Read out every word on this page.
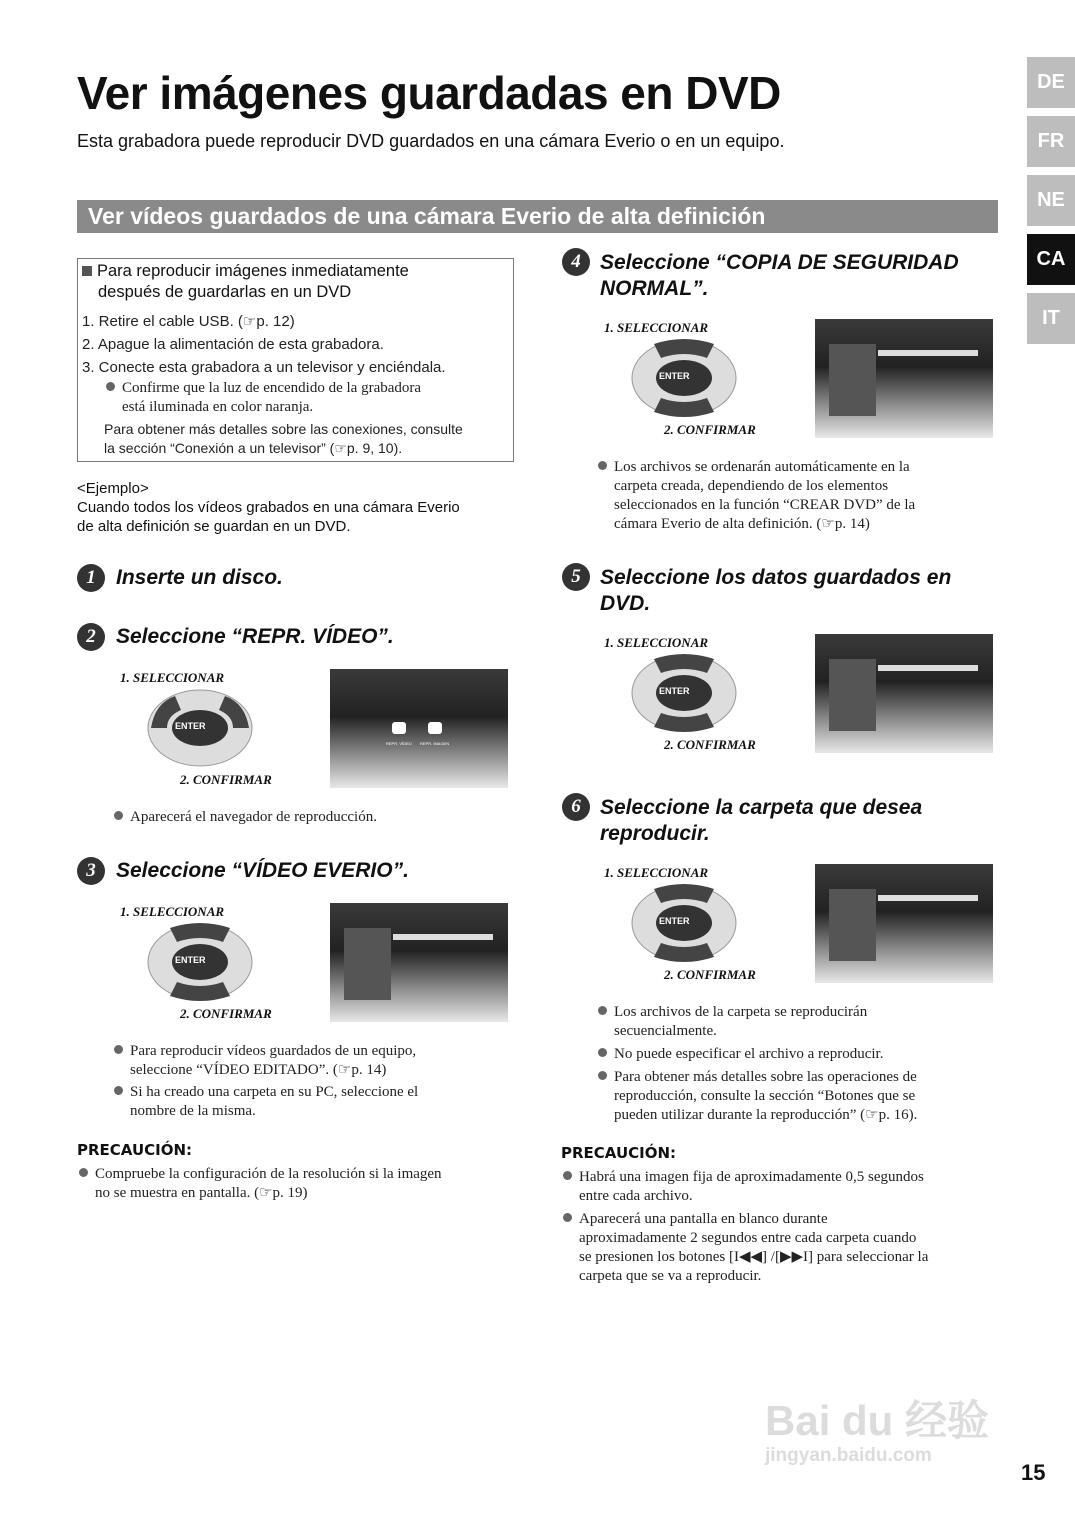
Ver imágenes guardadas en DVD
Esta grabadora puede reproducir DVD guardados en una cámara Everio o en un equipo.
Ver vídeos guardados de una cámara Everio de alta definición
DE
FR
NE
CA
IT
Para reproducir imágenes inmediatamente
después de guardarlas en un DVD
1. Retire el cable USB. (☞p. 12)
2. Apague la alimentación de esta grabadora.
3. Conecte esta grabadora a un televisor y enciéndala.
Confirme que la luz de encendido de la grabadora
está iluminada en color naranja.
Para obtener más detalles sobre las conexiones, consulte
la sección “Conexión a un televisor” (☞p. 9, 10).
<Ejemplo>
Cuando todos los vídeos grabados en una cámara Everio
de alta definición se guardan en un DVD.
1 Inserte un disco.
2 Seleccione “REPR. VÍDEO”.
1. SELECCIONAR
ENTER
2. CONFIRMAR
REPR. VÍDEO REPR. IMAGEN
Aparecerá el navegador de reproducción.
3 Seleccione “VÍDEO EVERIO”.
1. SELECCIONAR
ENTER
2. CONFIRMAR
Para reproducir vídeos guardados de un equipo,
seleccione “VÍDEO EDITADO”. (☞p. 14)
Si ha creado una carpeta en su PC, seleccione el
nombre de la misma.
PRECAUCIÓN:
Compruebe la configuración de la resolución si la imagen
no se muestra en pantalla. (☞p. 19)
4 Seleccione “COPIA DE SEGURIDAD
NORMAL”.
1. SELECCIONAR
ENTER
2. CONFIRMAR
Los archivos se ordenarán automáticamente en la
carpeta creada, dependiendo de los elementos
seleccionados en la función “CREAR DVD” de la
cámara Everio de alta definición. (☞p. 14)
5 Seleccione los datos guardados en
DVD.
1. SELECCIONAR
ENTER
2. CONFIRMAR
6 Seleccione la carpeta que desea
reproducir.
1. SELECCIONAR
ENTER
2. CONFIRMAR
Los archivos de la carpeta se reproducirán
secuencialmente.
No puede especificar el archivo a reproducir.
Para obtener más detalles sobre las operaciones de
reproducción, consulte la sección “Botones que se
pueden utilizar durante la reproducción” (☞p. 16).
PRECAUCIÓN:
Habrá una imagen fija de aproximadamente 0,5 segundos
entre cada archivo.
Aparecerá una pantalla en blanco durante
aproximadamente 2 segundos entre cada carpeta cuando
se presionen los botones [I◀◀] /[▶▶I] para seleccionar la
carpeta que se va a reproducir.
Bai du 经验
jingyan.baidu.com
15
